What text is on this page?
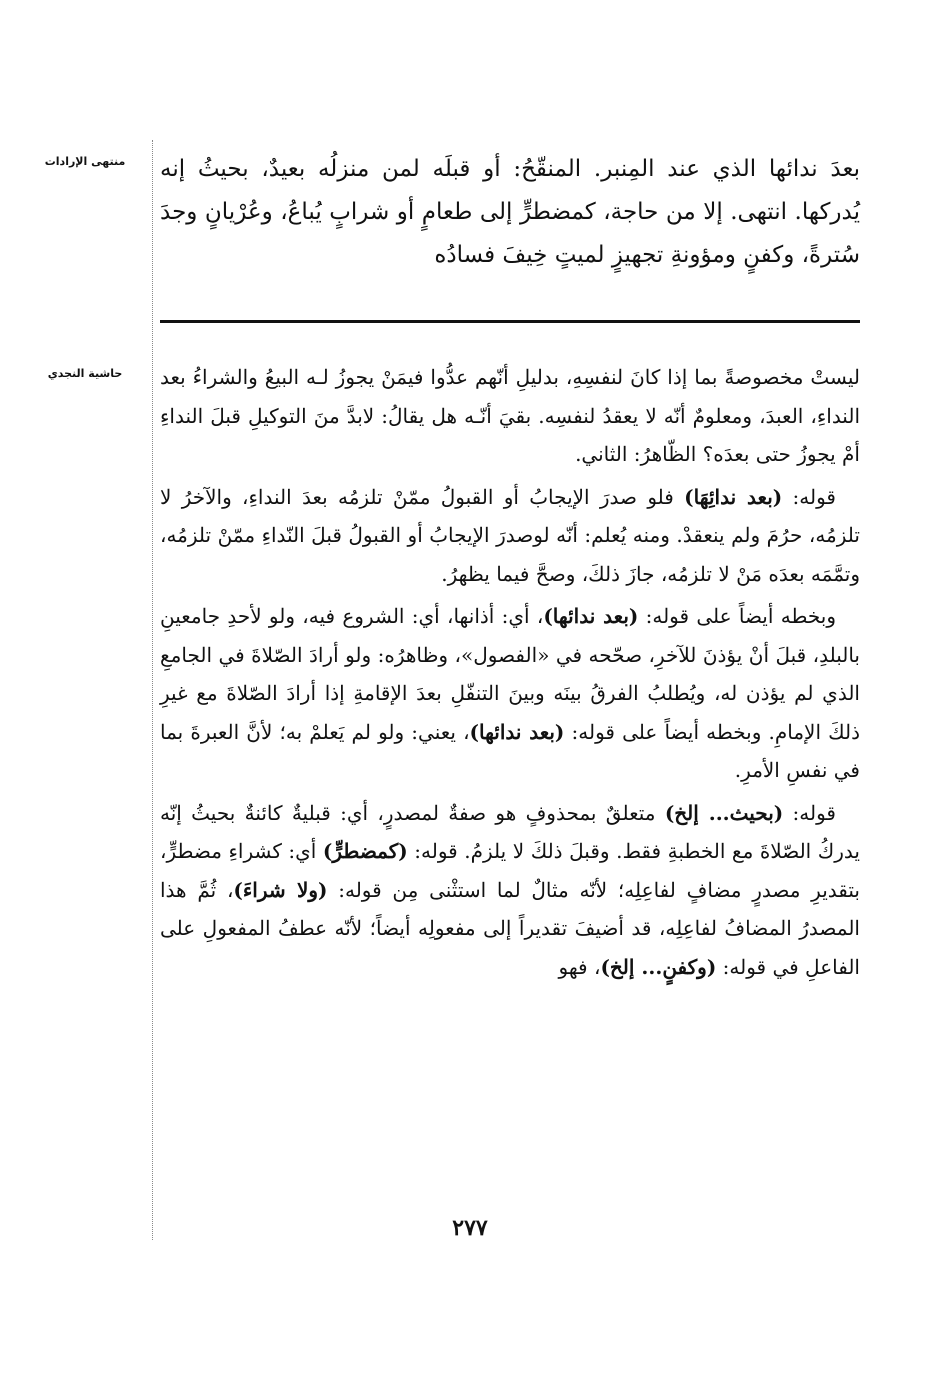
منتهى الإرادات
حاشية النجدي
بعدَ ندائها الذي عند المِنبر. المنقّحُ: أو قبلَه لمن منزلُه بعيدٌ، بحيثُ إنه يُدركها. انتهى. إلا من حاجة، كمضطرٍّ إلى طعامٍ أو شرابٍ يُباعُ، وعُرْيانٍ وجدَ سُترةً، وكفنٍ ومؤونةِ تجهيزٍ لميتٍ خِيفَ فسادُه

ليستْ مخصوصةً بما إذا كانَ لنفسِهِ، بدليلِ أنّهم عدُّوا فيمَنْ يجوزُ لـه البيعُ والشراءُ بعد النداءِ، العبدَ، ومعلومٌ أنّه لا يعقدُ لنفسِه. بقيَ أنّـه هل يقالُ: لابدَّ منَ التوكيلِ قبلَ النداءِ أمْ يجوزُ حتى بعدَه؟ الظّاهرُ: الثاني.

قوله: (بعد ندائِهَا) فلو صدرَ الإيجابُ أو القبولُ ممّنْ تلزمُه بعدَ النداءِ، والآخرُ لا تلزمُه، حرُمَ ولم ينعقدْ. ومنه يُعلم: أنّه لوصدرَ الإيجابُ أو القبولُ قبلَ النّداءِ ممّنْ تلزمُه، وتمَّمَه بعدَه مَنْ لا تلزمُه، جازَ ذلكَ، وصحَّ فيما يظهرُ.

وبخطه أيضاً على قوله: (بعد ندائها)، أي: أذانها، أي: الشروع فيه، ولو لأحدِ جامعينِ بالبلدِ، قبلَ أنْ يؤذنَ للآخرِ، صحّحه في «الفصول»، وظاهرُه: ولو أرادَ الصّلاةَ في الجامعِ الذي لم يؤذن له، ويُطلبُ الفرقُ بينَه وبينَ التنفّلِ بعدَ الإقامةِ إذا أرادَ الصّلاةَ مع غيرِ ذلكَ الإمامِ. وبخطه أيضاً على قوله: (بعد ندائها)، يعني: ولو لم يَعلمْ به؛ لأنَّ العبرةَ بما في نفسِ الأمرِ.

قوله: (بحيث... إلخ) متعلقٌ بمحذوفٍ هو صفةٌ لمصدرٍ، أي: قبليةٌ كائنةٌ بحيثُ إنّه يدركُ الصّلاةَ مع الخطبةِ فقط. وقبلَ ذلكَ لا يلزمُ. قوله: (كمضطرٍّ) أي: كشراءِ مضطرٍّ، بتقديرِ مصدرٍ مضافٍ لفاعِلِه؛ لأنّه مثالٌ لما استثْنى مِن قوله: (ولا شراءَ)، ثُمَّ هذا المصدرُ المضافُ لفاعِلِه، قد أضيفَ تقديراً إلى مفعولِه أيضاً؛ لأنّه عطفُ المفعولِ على الفاعلِ في قوله: (وكفنٍ... إلخ)، فهو

٢٧٧
